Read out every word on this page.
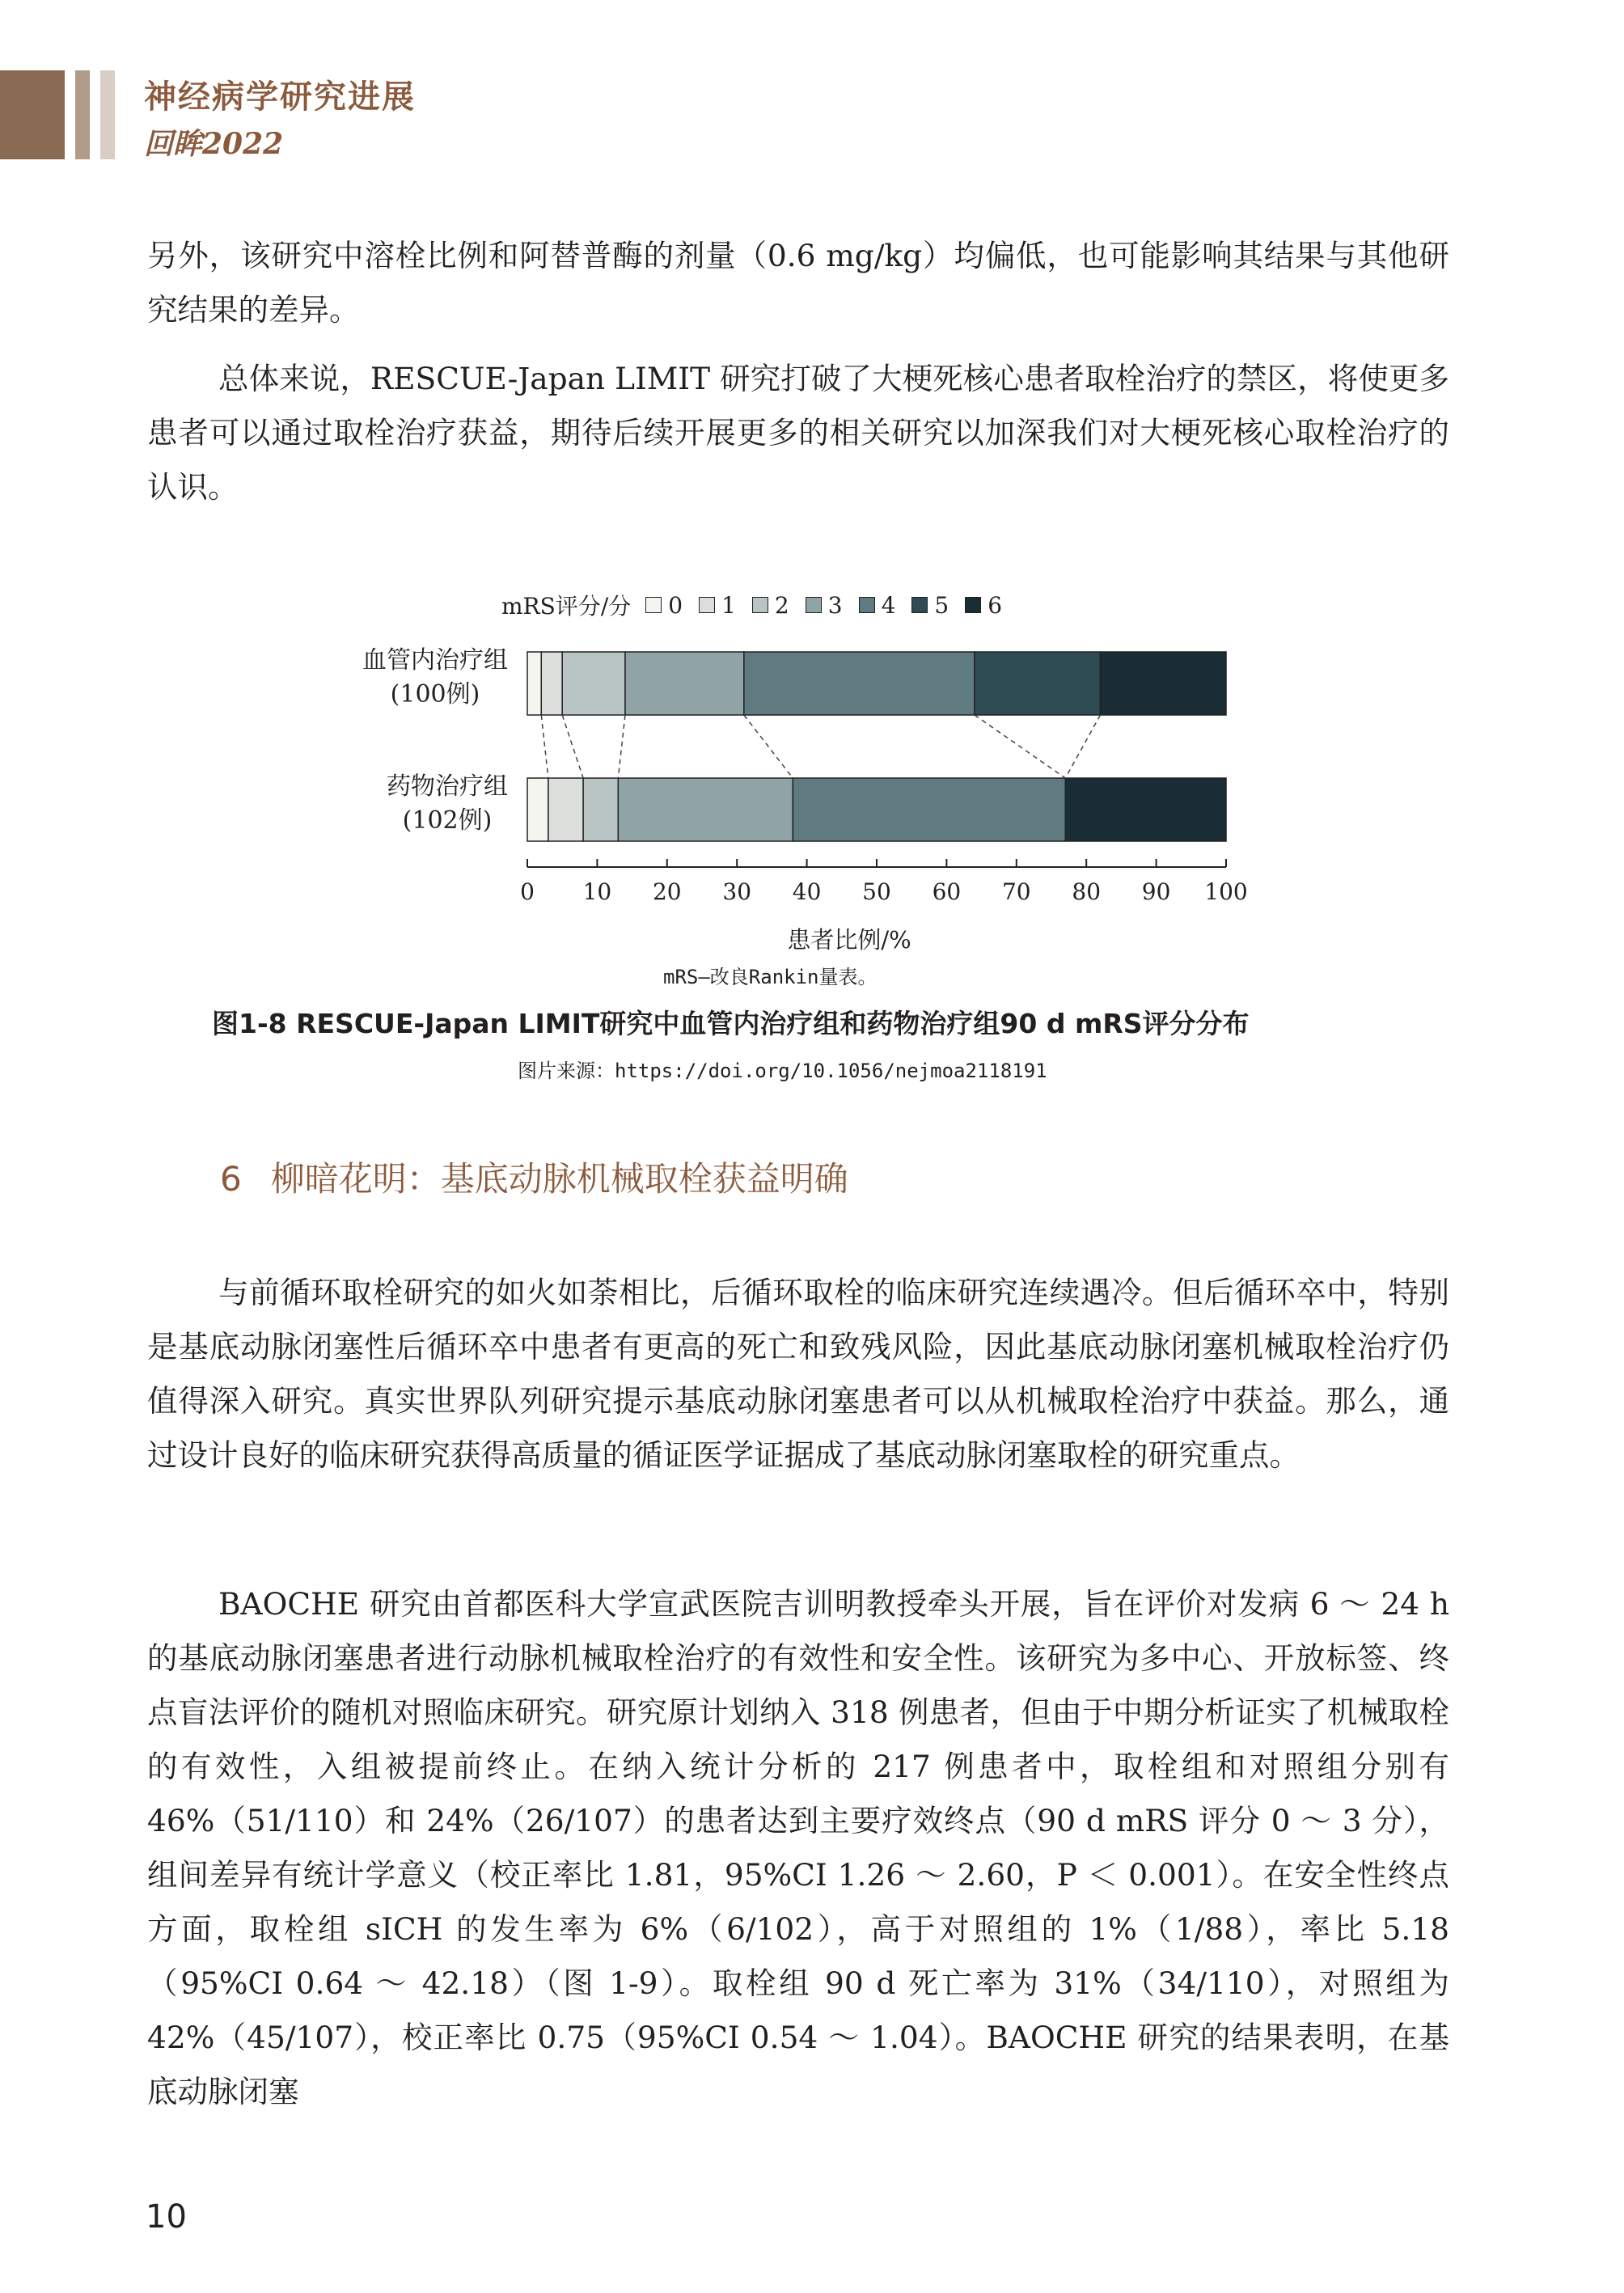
神经病学研究进展
回眸2022

另外，该研究中溶栓比例和阿替普酶的剂量（0.6 mg/kg）均偏低，也可能影响其结果与其他研究结果的差异。

总体来说，RESCUE-Japan LIMIT 研究打破了大梗死核心患者取栓治疗的禁区，将使更多患者可以通过取栓治疗获益，期待后续开展更多的相关研究以加深我们对大梗死核心取栓治疗的认识。

0 10 20 30 40 50 60 70 80 90 100
mRS评分/分 0 1 2 3 4 5 6
血管内治疗组
(100例)
药物治疗组
(102例)
患者比例/%
mRS—改良Rankin量表。
图1-8 RESCUE-Japan LIMIT研究中血管内治疗组和药物治疗组90 d mRS评分分布
图片来源：https://doi.org/10.1056/nejmoa2118191
6 柳暗花明：基底动脉机械取栓获益明确

与前循环取栓研究的如火如荼相比，后循环取栓的临床研究连续遇冷。但后循环卒中，特别是基底动脉闭塞性后循环卒中患者有更高的死亡和致残风险，因此基底动脉闭塞机械取栓治疗仍值得深入研究。真实世界队列研究提示基底动脉闭塞患者可以从机械取栓治疗中获益。那么，通过设计良好的临床研究获得高质量的循证医学证据成了基底动脉闭塞取栓的研究重点。

BAOCHE 研究由首都医科大学宣武医院吉训明教授牵头开展，旨在评价对发病 6 ～ 24 h 的基底动脉闭塞患者进行动脉机械取栓治疗的有效性和安全性。该研究为多中心、开放标签、终点盲法评价的随机对照临床研究。研究原计划纳入 318 例患者，但由于中期分析证实了机械取栓的有效性，入组被提前终止。在纳入统计分析的 217 例患者中，取栓组和对照组分别有 46%（51/110）和 24%（26/107）的患者达到主要疗效终点（90 d mRS 评分 0 ～ 3 分），组间差异有统计学意义（校正率比 1.81，95%CI 1.26 ～ 2.60，P ＜ 0.001）。在安全性终点方面，取栓组 sICH 的发生率为 6%（6/102），高于对照组的 1%（1/88），率比 5.18（95%CI 0.64 ～ 42.18）（图 1-9）。取栓组 90 d 死亡率为 31%（34/110），对照组为 42%（45/107），校正率比 0.75（95%CI 0.54 ～ 1.04）。BAOCHE 研究的结果表明，在基底动脉闭塞

10
